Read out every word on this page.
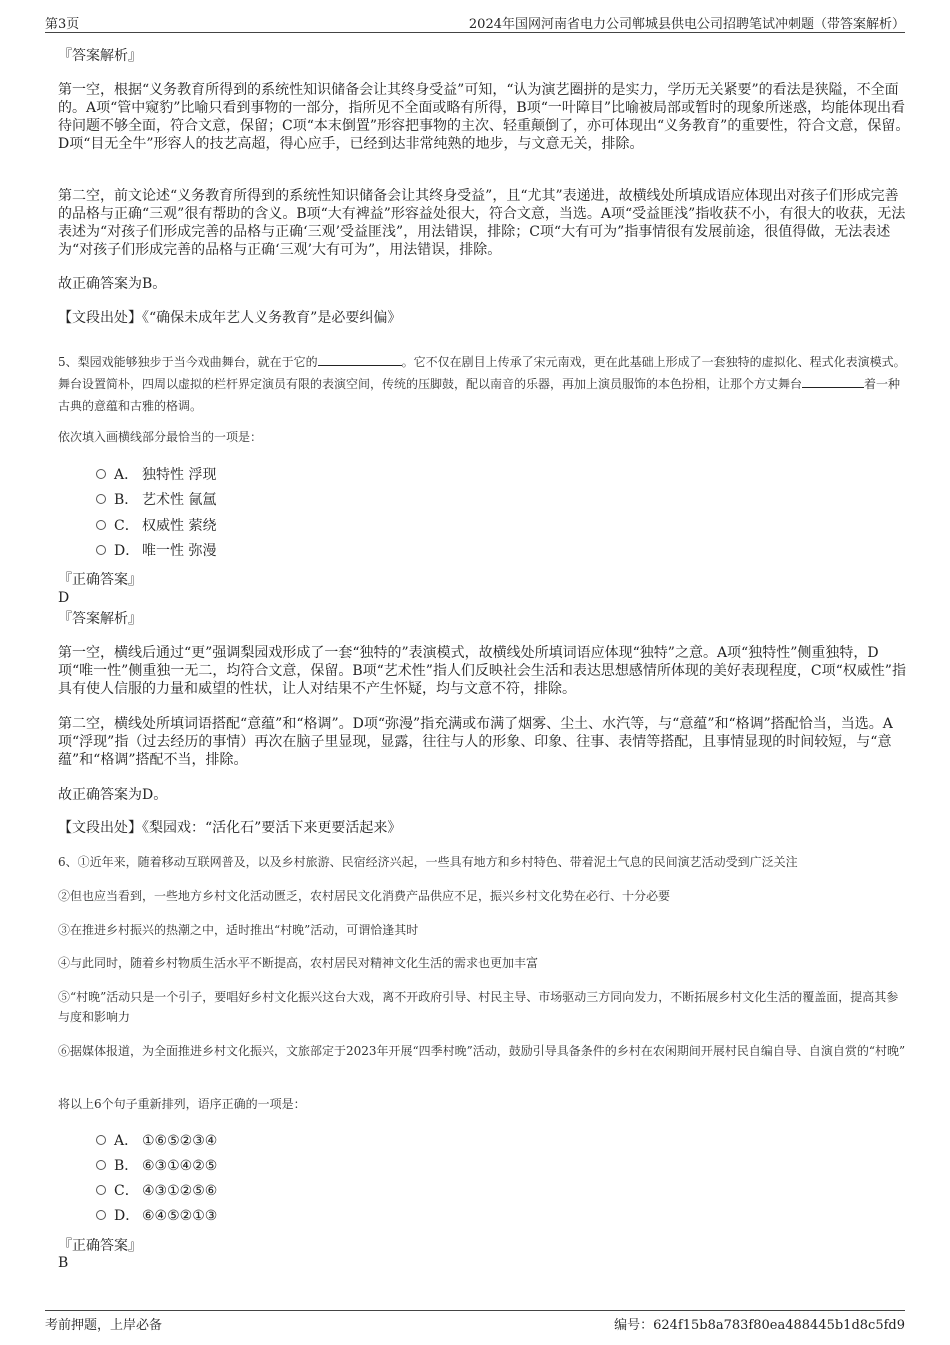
第3页	2024年国网河南省电力公司郸城县供电公司招聘笔试冲刺题（带答案解析）
『答案解析』
第一空，根据“义务教育所得到的系统性知识储备会让其终身受益”可知，“认为演艺圈拼的是实力，学历无关紧要”的看法是狭隘，不全面的。A项“管中窥豹”比喻只看到事物的一部分，指所见不全面或略有所得，B项“一叶障目”比喻被局部或暂时的现象所迷惑，均能体现出看待问题不够全面，符合文意，保留；C项“本末倒置”形容把事物的主次、轻重颠倒了，亦可体现出“义务教育”的重要性，符合文意，保留。D项“目无全牛”形容人的技艺高超，得心应手，已经到达非常纯熟的地步，与文意无关，排除。
第二空，前文论述“义务教育所得到的系统性知识储备会让其终身受益”，且“尤其”表递进，故横线处所填成语应体现出对孩子们形成完善的品格与正确“三观”很有帮助的含义。B项“大有裨益”形容益处很大，符合文意，当选。A项“受益匪浅”指收获不小，有很大的收获，无法表述为“对孩子们形成完善的品格与正确‘三观’受益匪浅”，用法错误，排除；C项“大有可为”指事情很有发展前途，很值得做，无法表述为“对孩子们形成完善的品格与正确‘三观’大有可为”，用法错误，排除。
故正确答案为B。
【文段出处】《“确保未成年艺人义务教育”是必要纠偏》
5、梨园戏能够独步于当今戏曲舞台，就在于它的	。它不仅在剧目上传承了宋元南戏，更在此基础上形成了一套独特的虚拟化、程式化表演模式。舞台设置简朴，四周以虚拟的栏杆界定演员有限的表演空间，传统的压脚鼓，配以南音的乐器，再加上演员服饰的本色扮相，让那个方丈舞台	着一种古典的意蕴和古雅的格调。
依次填入画横线部分最恰当的一项是：
A． 独特性 浮现
B． 艺术性 氤氲
C． 权威性 萦绕
D． 唯一性 弥漫
『正确答案』
D
『答案解析』
第一空，横线后通过“更”强调梨园戏形成了一套“独特的”表演模式，故横线处所填词语应体现“独特”之意。A项“独特性”侧重独特，D项“唯一性”侧重独一无二，均符合文意，保留。B项“艺术性”指人们反映社会生活和表达思想感情所体现的美好表现程度，C项“权威性”指具有使人信服的力量和威望的性状，让人对结果不产生怀疑，均与文意不符，排除。
第二空，横线处所填词语搭配“意蕴”和“格调”。D项“弥漫”指充满或布满了烟雾、尘土、水汽等，与“意蕴”和“格调”搭配恰当，当选。A项“浮现”指（过去经历的事情）再次在脑子里显现，显露，往往与人的形象、印象、往事、表情等搭配，且事情显现的时间较短，与“意蕴”和“格调”搭配不当，排除。
故正确答案为D。
【文段出处】《梨园戏：“活化石”要活下来更要活起来》
6、①近年来，随着移动互联网普及，以及乡村旅游、民宿经济兴起，一些具有地方和乡村特色、带着泥土气息的民间演艺活动受到广泛关注
②但也应当看到，一些地方乡村文化活动匮乏，农村居民文化消费产品供应不足，振兴乡村文化势在必行、十分必要
③在推进乡村振兴的热潮之中，适时推出“村晚”活动，可谓恰逢其时
④与此同时，随着乡村物质生活水平不断提高，农村居民对精神文化生活的需求也更加丰富
⑤“村晚”活动只是一个引子，要唱好乡村文化振兴这台大戏，离不开政府引导、村民主导、市场驱动三方同向发力，不断拓展乡村文化生活的覆盖面，提高其参与度和影响力
⑥据媒体报道，为全面推进乡村文化振兴，文旅部定于2023年开展“四季村晚”活动，鼓励引导具备条件的乡村在农闲期间开展村民自编自导、自演自赏的“村晚”
将以上6个句子重新排列，语序正确的一项是：
A． ①⑥⑤②③④
B． ⑥③①④②⑤
C． ④③①②⑤⑥
D． ⑥④⑤②①③
『正确答案』
B
考前押题，上岸必备	编号：624f15b8a783f80ea488445b1d8c5fd9
